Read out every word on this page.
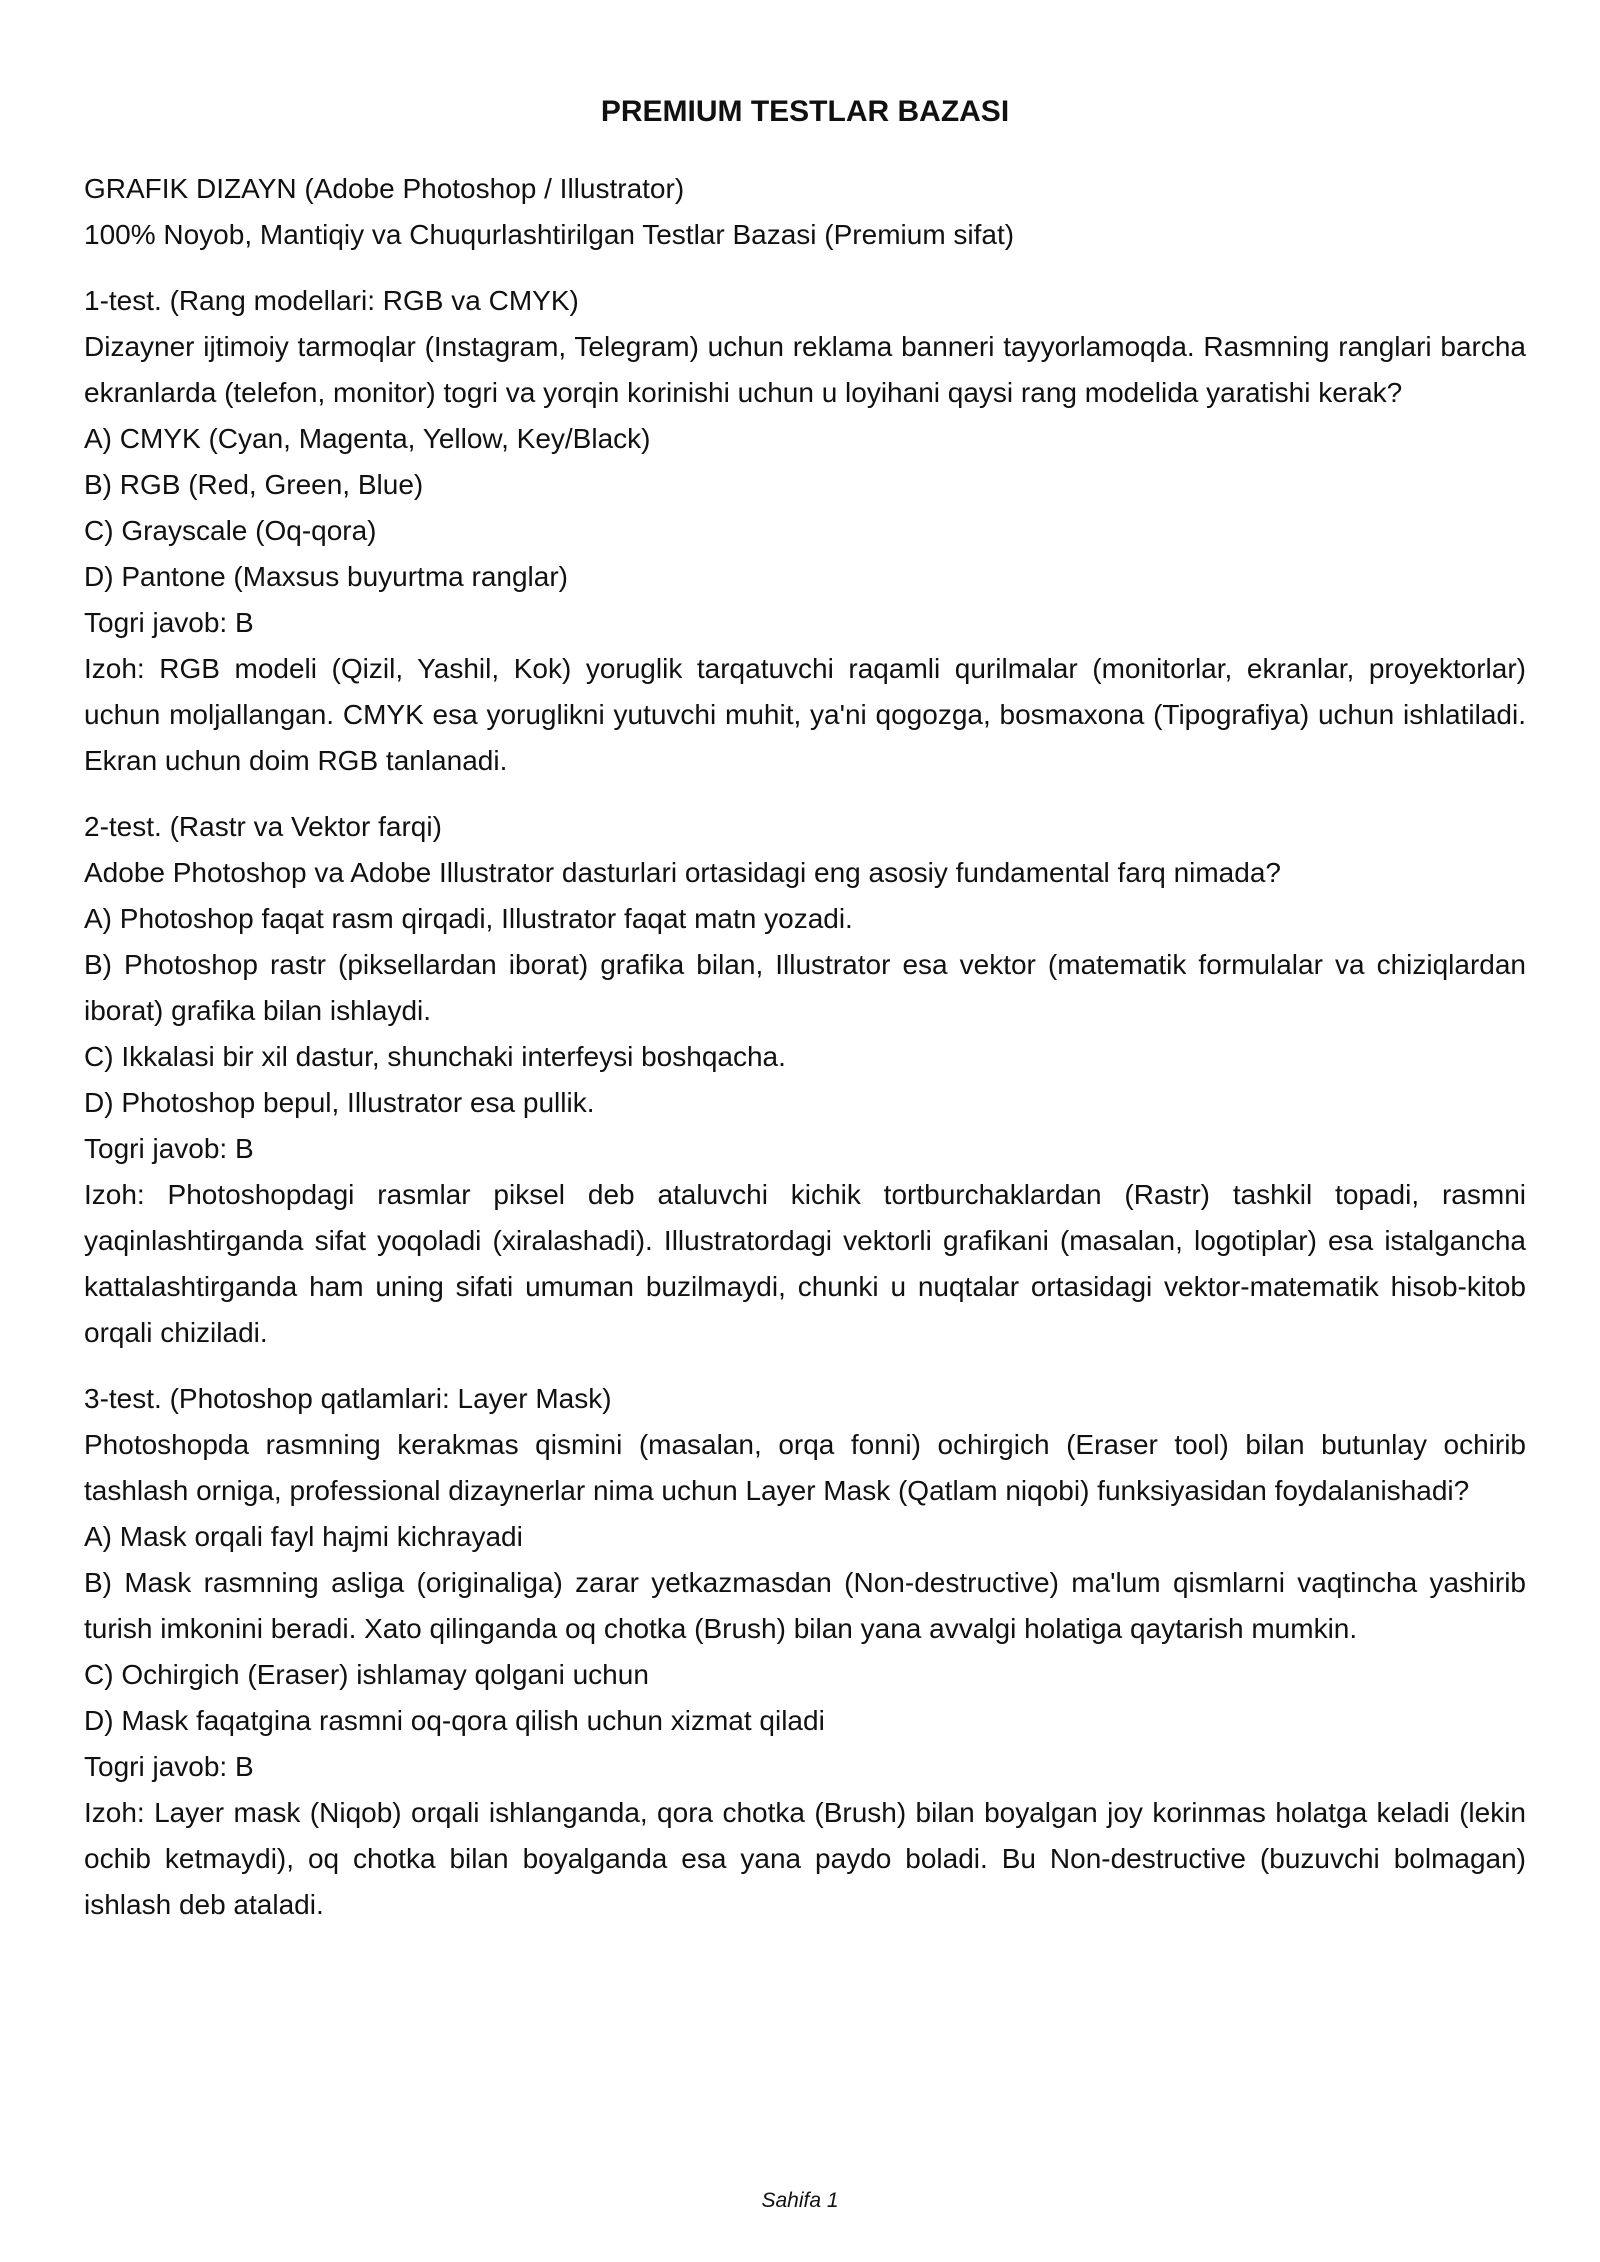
PREMIUM TESTLAR BAZASI

GRAFIK DIZAYN (Adobe Photoshop / Illustrator)

100% Noyob, Mantiqiy va Chuqurlashtirilgan Testlar Bazasi (Premium sifat)

1-test. (Rang modellari: RGB va CMYK)

Dizayner ijtimoiy tarmoqlar (Instagram, Telegram) uchun reklama banneri tayyorlamoqda. Rasmning ranglari barcha ekranlarda (telefon, monitor) togri va yorqin korinishi uchun u loyihani qaysi rang modelida yaratishi kerak?

A) CMYK (Cyan, Magenta, Yellow, Key/Black)

B) RGB (Red, Green, Blue)

C) Grayscale (Oq-qora)

D) Pantone (Maxsus buyurtma ranglar)

Togri javob: B

Izoh: RGB modeli (Qizil, Yashil, Kok) yoruglik tarqatuvchi raqamli qurilmalar (monitorlar, ekranlar, proyektorlar) uchun moljallangan. CMYK esa yoruglikni yutuvchi muhit, ya'ni qogozga, bosmaxona (Tipografiya) uchun ishlatiladi. Ekran uchun doim RGB tanlanadi.

2-test. (Rastr va Vektor farqi)

Adobe Photoshop va Adobe Illustrator dasturlari ortasidagi eng asosiy fundamental farq nimada?

A) Photoshop faqat rasm qirqadi, Illustrator faqat matn yozadi.

B) Photoshop rastr (piksellardan iborat) grafika bilan, Illustrator esa vektor (matematik formulalar va chiziqlardan iborat) grafika bilan ishlaydi.

C) Ikkalasi bir xil dastur, shunchaki interfeysi boshqacha.

D) Photoshop bepul, Illustrator esa pullik.

Togri javob: B

Izoh: Photoshopdagi rasmlar piksel deb ataluvchi kichik tortburchaklardan (Rastr) tashkil topadi, rasmni yaqinlashtirganda sifat yoqoladi (xiralashadi). Illustratordagi vektorli grafikani (masalan, logotiplar) esa istalgancha kattalashtirganda ham uning sifati umuman buzilmaydi, chunki u nuqtalar ortasidagi vektor-matematik hisob-kitob orqali chiziladi.

3-test. (Photoshop qatlamlari: Layer Mask)

Photoshopda rasmning kerakmas qismini (masalan, orqa fonni) ochirgich (Eraser tool) bilan butunlay ochirib tashlash orniga, professional dizaynerlar nima uchun Layer Mask (Qatlam niqobi) funksiyasidan foydalanishadi?

A) Mask orqali fayl hajmi kichrayadi

B) Mask rasmning asliga (originaliga) zarar yetkazmasdan (Non-destructive) ma'lum qismlarni vaqtincha yashirib turish imkonini beradi. Xato qilinganda oq chotka (Brush) bilan yana avvalgi holatiga qaytarish mumkin.

C) Ochirgich (Eraser) ishlamay qolgani uchun

D) Mask faqatgina rasmni oq-qora qilish uchun xizmat qiladi

Togri javob: B

Izoh: Layer mask (Niqob) orqali ishlanganda, qora chotka (Brush) bilan boyalgan joy korinmas holatga keladi (lekin ochib ketmaydi), oq chotka bilan boyalganda esa yana paydo boladi. Bu Non-destructive (buzuvchi bolmagan) ishlash deb ataladi.

Sahifa 1
